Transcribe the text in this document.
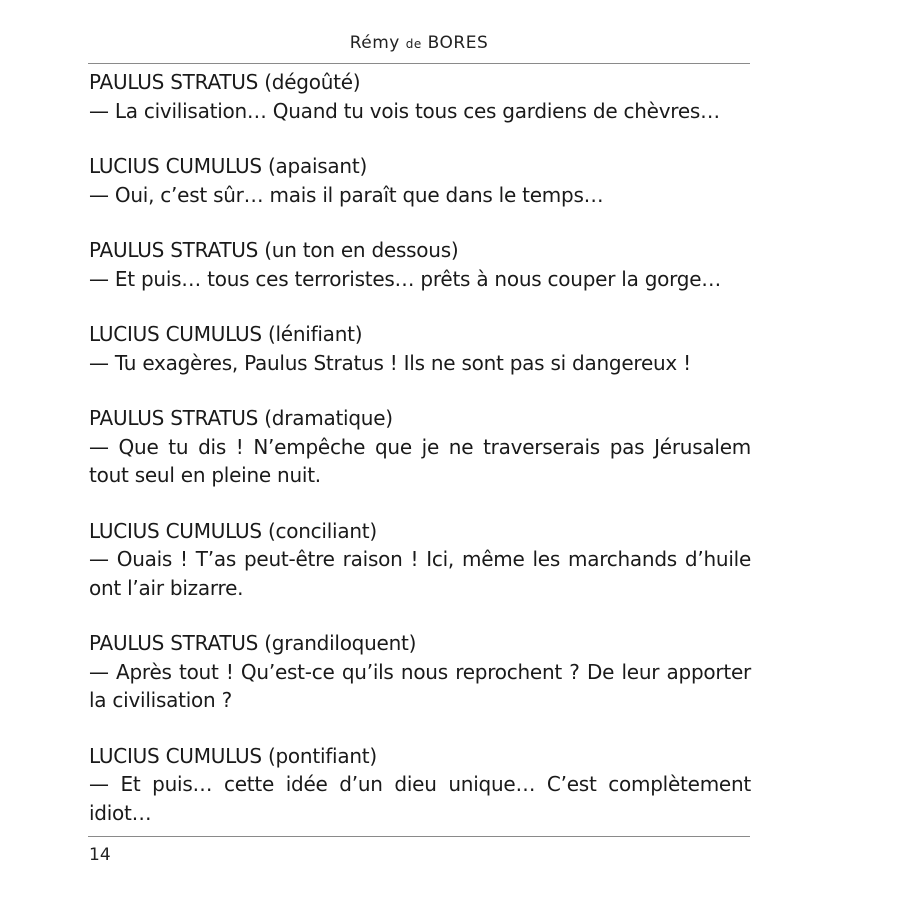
Rémy de BORES
PAULUS STRATUS (dégoûté)
— La civilisation… Quand tu vois tous ces gardiens de chèvres…
LUCIUS CUMULUS (apaisant)
— Oui, c’est sûr… mais il paraît que dans le temps…
PAULUS STRATUS (un ton en dessous)
— Et puis… tous ces terroristes… prêts à nous couper la gorge…
LUCIUS CUMULUS (lénifiant)
— Tu exagères, Paulus Stratus ! Ils ne sont pas si dangereux !
PAULUS STRATUS (dramatique)
— Que tu dis ! N’empêche que je ne traverserais pas Jérusalem tout seul en pleine nuit.
LUCIUS CUMULUS (conciliant)
— Ouais ! T’as peut-être raison ! Ici, même les marchands d’huile ont l’air bizarre.
PAULUS STRATUS (grandiloquent)
— Après tout ! Qu’est-ce qu’ils nous reprochent ? De leur apporter la civilisation ?
LUCIUS CUMULUS (pontifiant)
— Et puis… cette idée d’un dieu unique… C’est complètement idiot…
14
